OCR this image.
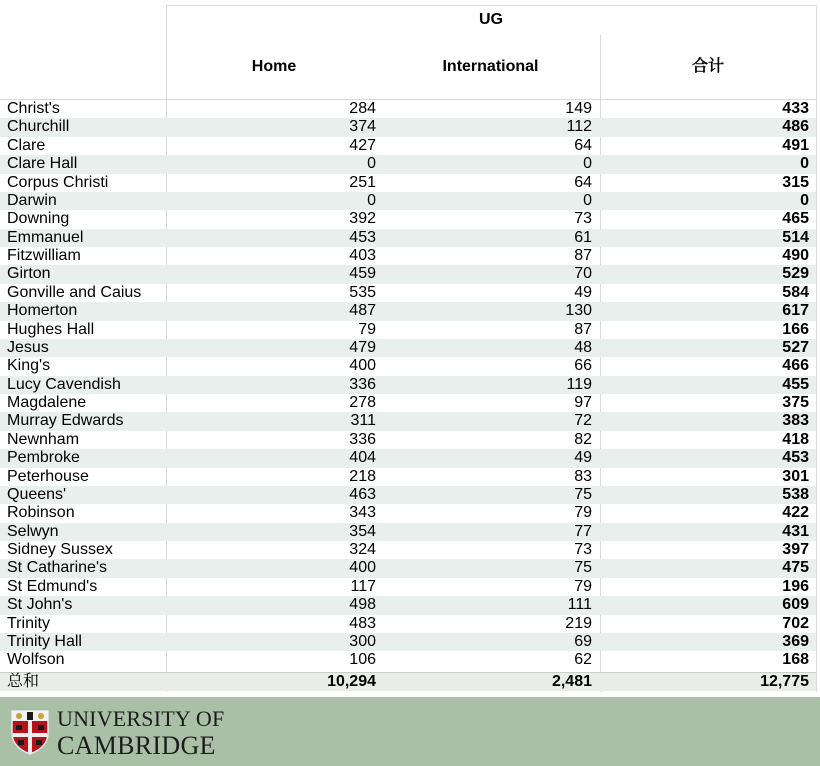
UG
Home	International	合计
Christ's	284	149	433
Churchill	374	112	486
Clare	427	64	491
Clare Hall	0	0	0
Corpus Christi	251	64	315
Darwin	0	0	0
Downing	392	73	465
Emmanuel	453	61	514
Fitzwilliam	403	87	490
Girton	459	70	529
Gonville and Caius	535	49	584
Homerton	487	130	617
Hughes Hall	79	87	166
Jesus	479	48	527
King's	400	66	466
Lucy Cavendish	336	119	455
Magdalene	278	97	375
Murray Edwards	311	72	383
Newnham	336	82	418
Pembroke	404	49	453
Peterhouse	218	83	301
Queens'	463	75	538
Robinson	343	79	422
Selwyn	354	77	431
Sidney Sussex	324	73	397
St Catharine's	400	75	475
St Edmund's	117	79	196
St John's	498	111	609
Trinity	483	219	702
Trinity Hall	300	69	369
Wolfson	106	62	168
总和	10,294	2,481	12,775
UNIVERSITY OF
CAMBRIDGE
